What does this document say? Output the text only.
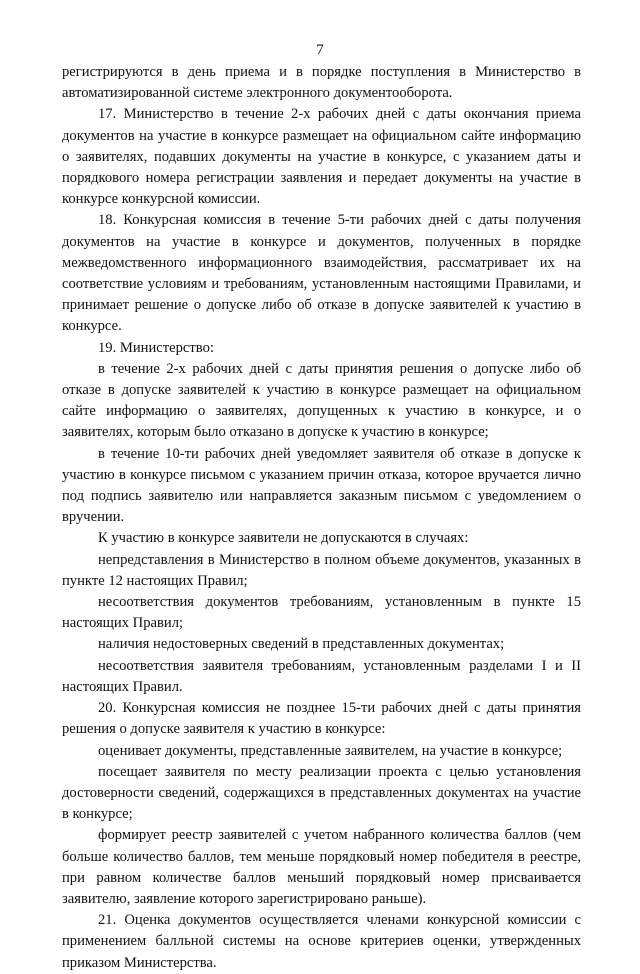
7

регистрируются в день приема и в порядке поступления в Министерство в автоматизированной системе электронного документооборота.

17. Министерство в течение 2-х рабочих дней с даты окончания приема документов на участие в конкурсе размещает на официальном сайте информацию о заявителях, подавших документы на участие в конкурсе, с указанием даты и порядкового номера регистрации заявления и передает документы на участие в конкурсе конкурсной комиссии.

18. Конкурсная комиссия в течение 5-ти рабочих дней с даты получения документов на участие в конкурсе и документов, полученных в порядке межведомственного информационного взаимодействия, рассматривает их на соответствие условиям и требованиям, установленным настоящими Правилами, и принимает решение о допуске либо об отказе в допуске заявителей к участию в конкурсе.

19. Министерство:

в течение 2-х рабочих дней с даты принятия решения о допуске либо об отказе в допуске заявителей к участию в конкурсе размещает на официальном сайте информацию о заявителях, допущенных к участию в конкурсе, и о заявителях, которым было отказано в допуске к участию в конкурсе;

в течение 10-ти рабочих дней уведомляет заявителя об отказе в допуске к участию в конкурсе письмом с указанием причин отказа, которое вручается лично под подпись заявителю или направляется заказным письмом с уведомлением о вручении.

К участию в конкурсе заявители не допускаются в случаях:

непредставления в Министерство в полном объеме документов, указанных в пункте 12 настоящих Правил;

несоответствия документов требованиям, установленным в пункте 15 настоящих Правил;

наличия недостоверных сведений в представленных документах;

несоответствия заявителя требованиям, установленным разделами I и II настоящих Правил.

20. Конкурсная комиссия не позднее 15-ти рабочих дней с даты принятия решения о допуске заявителя к участию в конкурсе:

оценивает документы, представленные заявителем, на участие в конкурсе;

посещает заявителя по месту реализации проекта с целью установления достоверности сведений, содержащихся в представленных документах на участие в конкурсе;

формирует реестр заявителей с учетом набранного количества баллов (чем больше количество баллов, тем меньше порядковый номер победителя в реестре, при равном количестве баллов меньший порядковый номер присваивается заявителю, заявление которого зарегистрировано раньше).

21. Оценка документов осуществляется членами конкурсной комиссии с применением балльной системы на основе критериев оценки, утвержденных приказом Министерства.
